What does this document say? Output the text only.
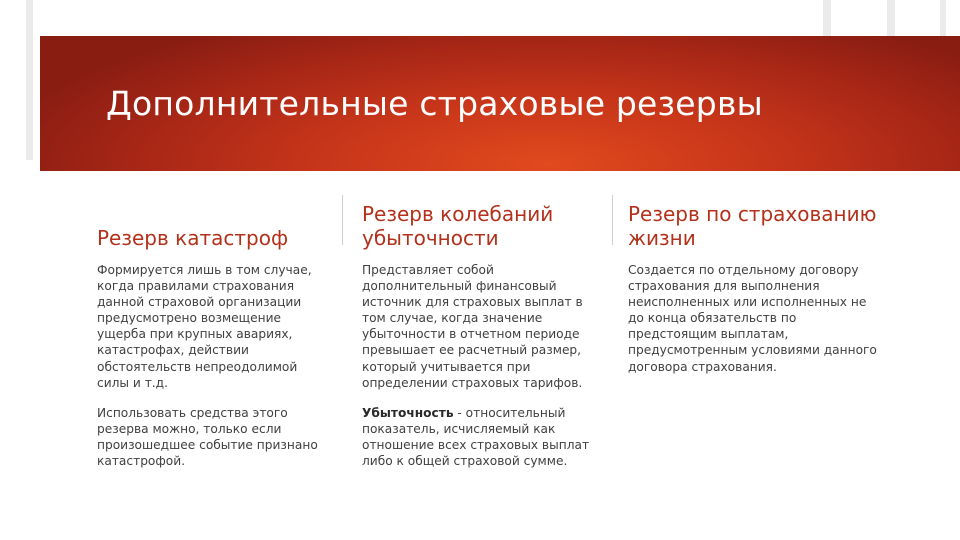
Дополнительные страховые резервы
Резерв катастроф

Формируется лишь в том случае, когда правилами страхования данной страховой организации предусмотрено возмещение ущерба при крупных авариях, катастрофах, действии обстоятельств непреодолимой силы и т.д.

Использовать средства этого резерва можно, только если произошедшее событие признано катастрофой.

Резерв колебаний убыточности

Представляет собой дополнительный финансовый источник для страховых выплат в том случае, когда значение убыточности в отчетном периоде превышает ее расчетный размер, который учитывается при определении страховых тарифов.

Убыточность - относительный показатель, исчисляемый как отношение всех страховых выплат либо к общей страховой сумме.

Резерв по страхованию жизни

Создается по отдельному договору страхования для выполнения неисполненных или исполненных не до конца обязательств по предстоящим выплатам, предусмотренным условиями данного договора страхования.
